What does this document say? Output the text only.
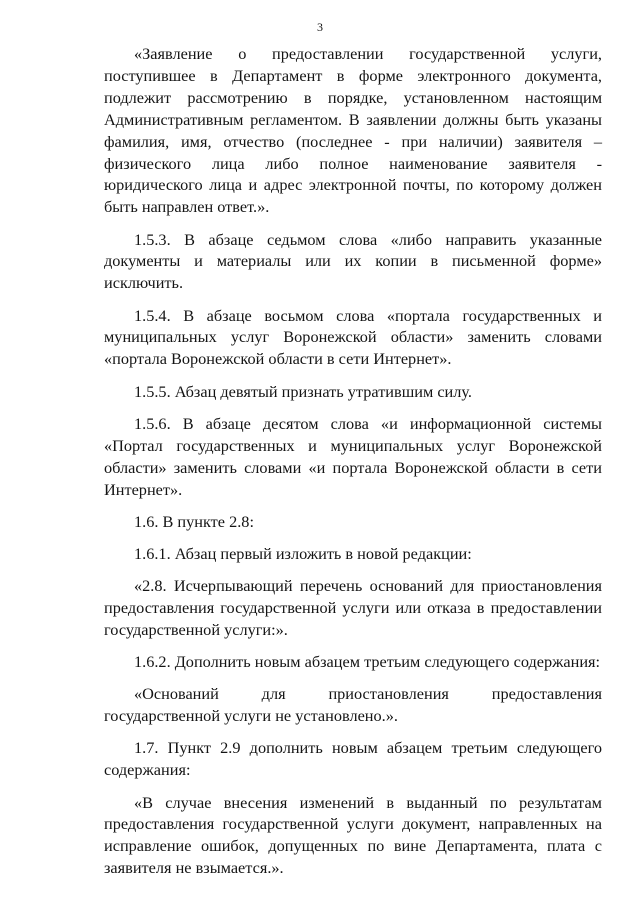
3

«Заявление о предоставлении государственной услуги, поступившее в Департамент в форме электронного документа, подлежит рассмотрению в порядке, установленном настоящим Административным регламентом. В заявлении должны быть указаны фамилия, имя, отчество (последнее - при наличии) заявителя – физического лица либо полное наименование заявителя - юридического лица и адрес электронной почты, по которому должен быть направлен ответ.».

1.5.3. В абзаце седьмом слова «либо направить указанные документы и материалы или их копии в письменной форме» исключить.

1.5.4. В абзаце восьмом слова «портала государственных и муниципальных услуг Воронежской области» заменить словами «портала Воронежской области в сети Интернет».

1.5.5. Абзац девятый признать утратившим силу.

1.5.6. В абзаце десятом слова «и информационной системы «Портал государственных и муниципальных услуг Воронежской области» заменить словами «и портала Воронежской области в сети Интернет».

1.6. В пункте 2.8:

1.6.1. Абзац первый изложить в новой редакции:

«2.8. Исчерпывающий перечень оснований для приостановления предоставления государственной услуги или отказа в предоставлении государственной услуги:».

1.6.2. Дополнить новым абзацем третьим следующего содержания:

«Оснований для приостановления предоставления государственной услуги не установлено.».

1.7. Пункт 2.9 дополнить новым абзацем третьим следующего содержания:

«В случае внесения изменений в выданный по результатам предоставления государственной услуги документ, направленных на исправление ошибок, допущенных по вине Департамента, плата с заявителя не взымается.».
